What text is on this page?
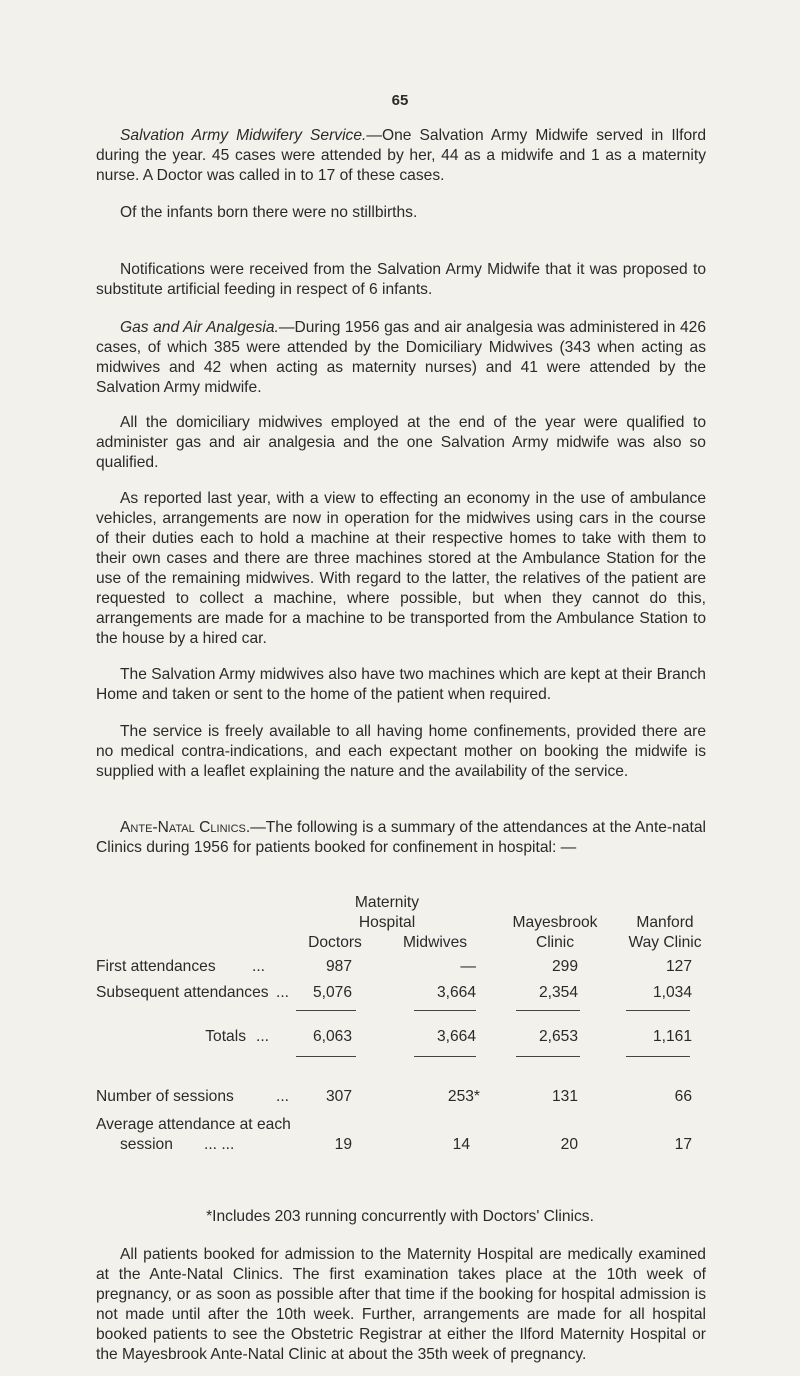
65

Salvation Army Midwifery Service.—One Salvation Army Midwife served in Ilford during the year. 45 cases were attended by her, 44 as a midwife and 1 as a maternity nurse. A Doctor was called in to 17 of these cases.

Of the infants born there were no stillbirths.

Notifications were received from the Salvation Army Midwife that it was proposed to substitute artificial feeding in respect of 6 infants.

Gas and Air Analgesia.—During 1956 gas and air analgesia was administered in 426 cases, of which 385 were attended by the Domiciliary Midwives (343 when acting as midwives and 42 when acting as maternity nurses) and 41 were attended by the Salvation Army midwife.

All the domiciliary midwives employed at the end of the year were qualified to administer gas and air analgesia and the one Salvation Army midwife was also so qualified.

As reported last year, with a view to effecting an economy in the use of ambulance vehicles, arrangements are now in operation for the midwives using cars in the course of their duties each to hold a machine at their respective homes to take with them to their own cases and there are three machines stored at the Ambulance Station for the use of the remaining midwives. With regard to the latter, the relatives of the patient are requested to collect a machine, where possible, but when they cannot do this, arrangements are made for a machine to be transported from the Ambulance Station to the house by a hired car.

The Salvation Army midwives also have two machines which are kept at their Branch Home and taken or sent to the home of the patient when required.

The service is freely available to all having home confinements, provided there are no medical contra-indications, and each expectant mother on booking the midwife is supplied with a leaflet explaining the nature and the availability of the service.

Ante-Natal Clinics.—The following is a summary of the attendances at the Ante-natal Clinics during 1956 for patients booked for confinement in hospital: —

Maternity
Hospital	Mayesbrook	Manford
Doctors	Midwives	Clinic	Way Clinic
First attendances ...	987	—	299	127
Subsequent attendances ...	5,076	3,664	2,354	1,034
Totals ...	6,063	3,664	2,653	1,161
Number of sessions	...	307	253*	131	66
Average attendance at each
session ... ...	19	14	20	17
*Includes 203 running concurrently with Doctors' Clinics.

All patients booked for admission to the Maternity Hospital are medically examined at the Ante-Natal Clinics. The first examination takes place at the 10th week of pregnancy, or as soon as possible after that time if the booking for hospital admission is not made until after the 10th week. Further, arrangements are made for all hospital booked patients to see the Obstetric Registrar at either the Ilford Maternity Hospital or the Mayesbrook Ante-Natal Clinic at about the 35th week of pregnancy.
